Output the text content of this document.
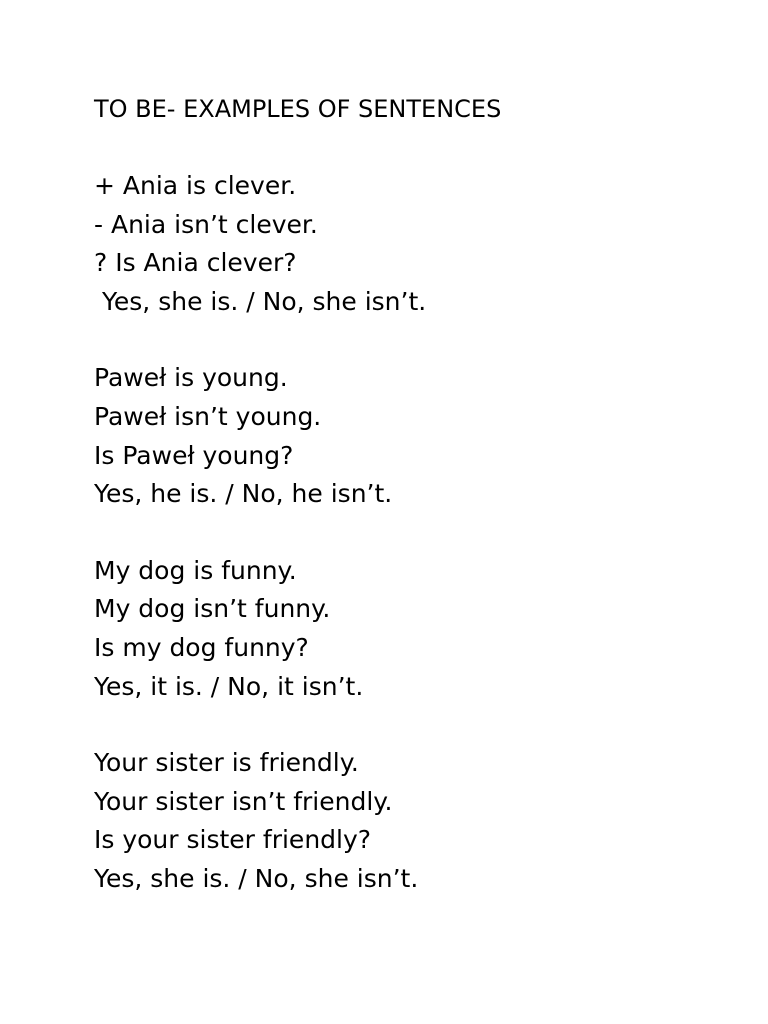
TO BE- EXAMPLES OF SENTENCES
+ Ania is clever.
- Ania isn’t clever.
? Is Ania clever?
Yes, she is. / No, she isn’t.
Paweł is young.
Paweł isn’t young.
Is Paweł young?
Yes, he is. / No, he isn’t.
My dog is funny.
My dog isn’t funny.
Is my dog funny?
Yes, it is. / No, it isn’t.
Your sister is friendly.
Your sister isn’t friendly.
Is your sister friendly?
Yes, she is. / No, she isn’t.
